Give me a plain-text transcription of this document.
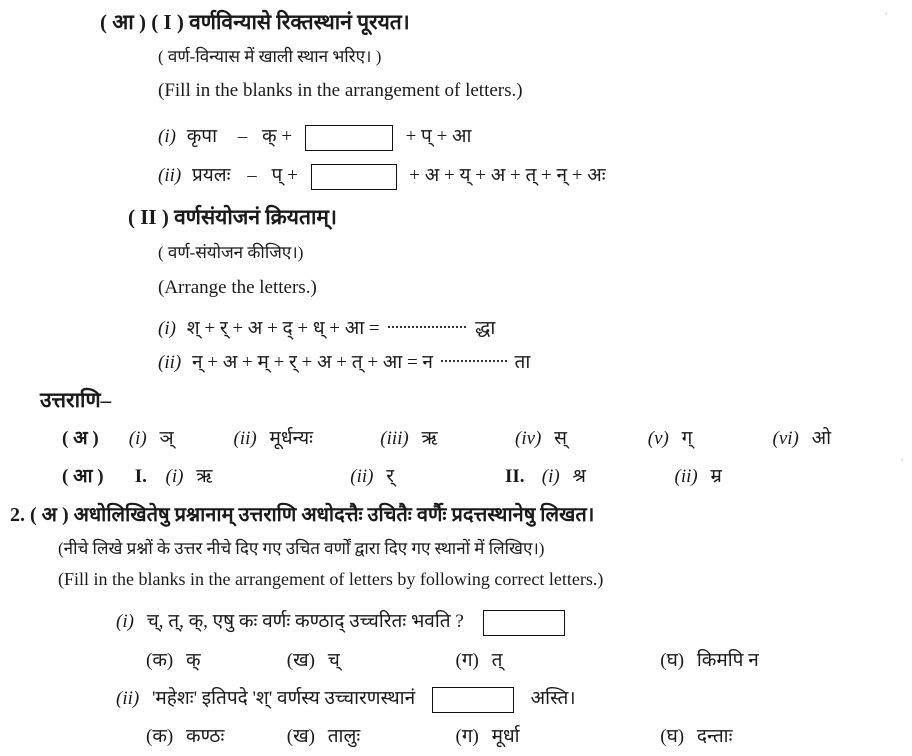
( आ ) ( I ) वर्णविन्यासे रिक्तस्थानं पूरयत।
( वर्ण-विन्यास में खाली स्थान भरिए। )
(Fill in the blanks in the arrangement of letters.)
(i) कृपा – क् +	+ प् + आ
(ii) प्रयलः – प् +	+ अ + य् + अ + त् + न् + अः
( II ) वर्णसंयोजनं क्रियताम्।
( वर्ण-संयोजन कीजिए।)
(Arrange the letters.)
(i) श् + र् + अ + द् + ध् + आ =	द्धा
(ii) न् + अ + म् + र् + अ + त् + आ = न	ता
उत्तराणि–
( अ ) (i) ञ्	(ii) मूर्धन्यः	(iii) ऋ	(iv) स्	(v) ग्	(vi) ओ
( आ ) I. (i) ऋ	(ii) र्	II. (i) श्र	(ii) म्र
2. ( अ ) अधोलिखितेषु प्रश्नानाम् उत्तराणि अधोदत्तैः उचितैः वर्णैः प्रदत्तस्थानेषु लिखत।
(नीचे लिखे प्रश्नों के उत्तर नीचे दिए गए उचित वर्णों द्वारा दिए गए स्थानों में लिखिए।)
(Fill in the blanks in the arrangement of letters by following correct letters.)
(i) च्, त्, क्, एषु कः वर्णः कण्ठाद् उच्चरितः भवति ?
(क) क्	(ख) च्	(ग) त्	(घ) किमपि न
(ii) 'महेशः' इतिपदे 'श्' वर्णस्य उच्चारणस्थानं	अस्ति।
(क) कण्ठः	(ख) तालुः	(ग) मूर्धा	(घ) दन्ताः
·
·
